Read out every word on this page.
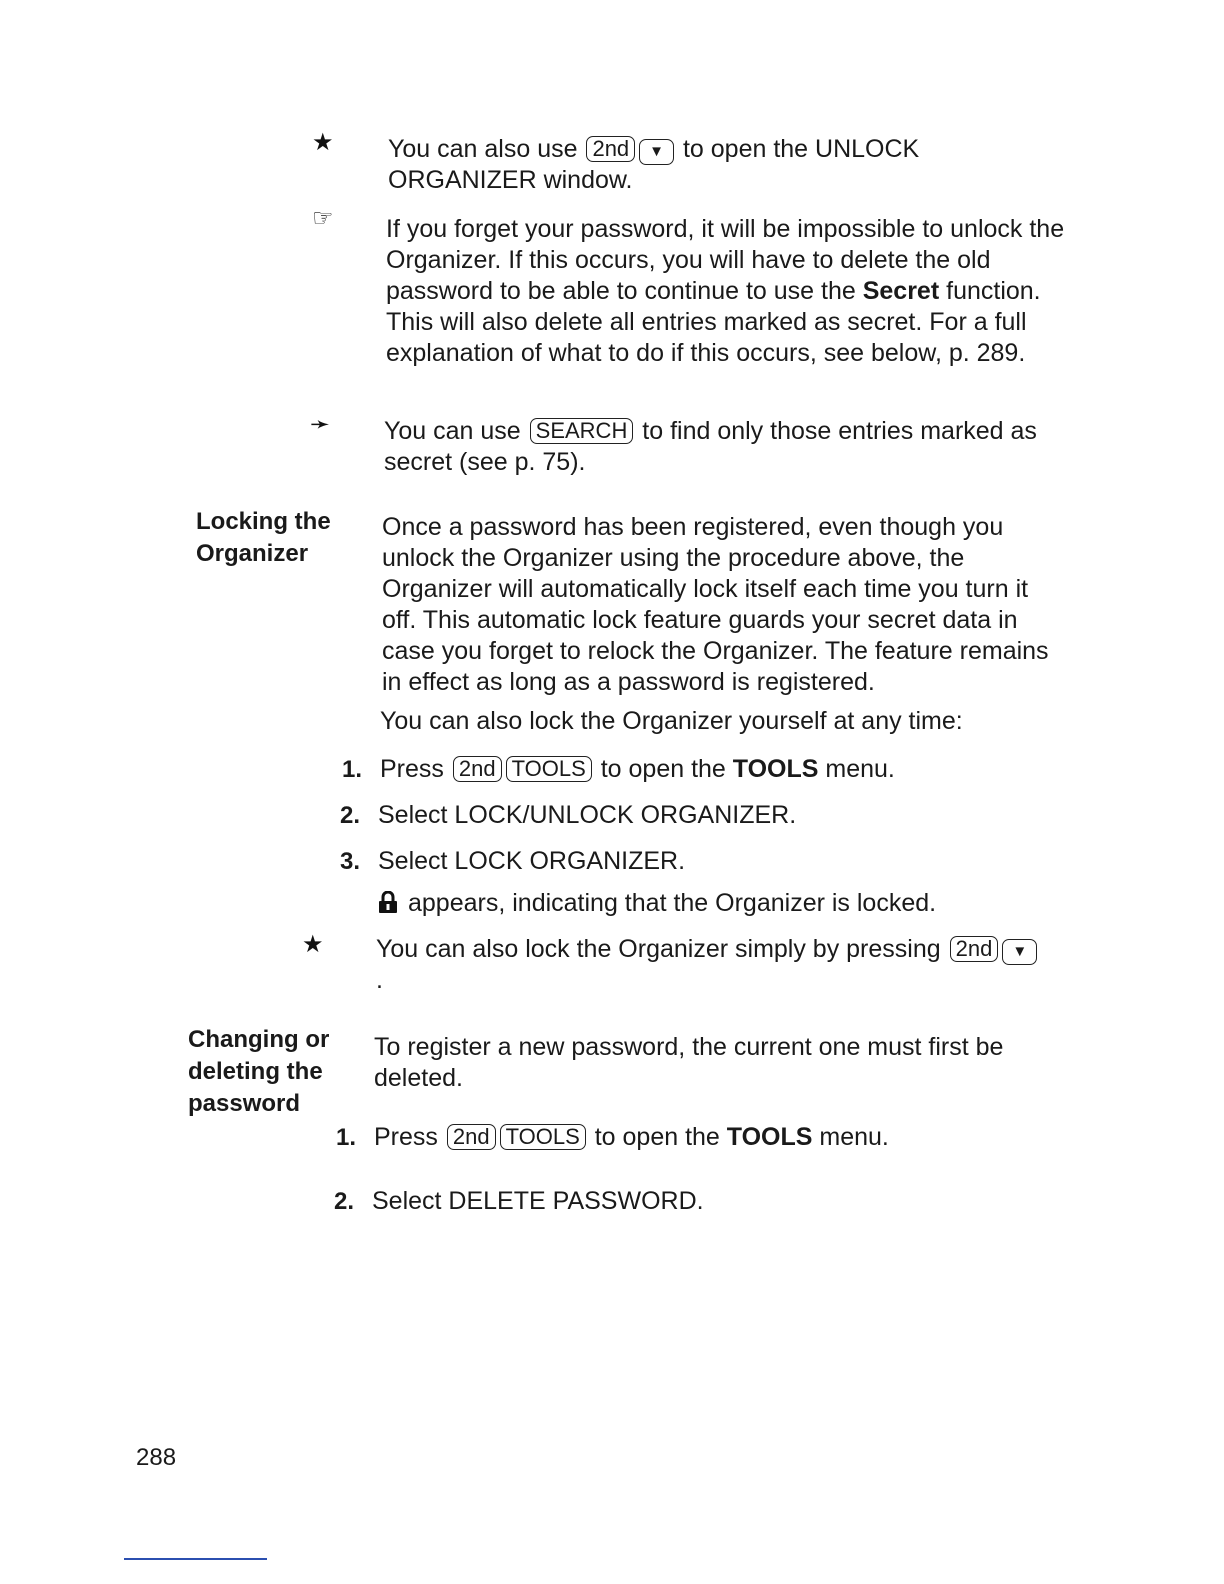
★ You can also use 2nd ▼ to open the UNLOCK ORGANIZER window.
☞ If you forget your password, it will be impossible to unlock the Organizer. If this occurs, you will have to delete the old password to be able to continue to use the Secret function. This will also delete all entries marked as secret. For a full explanation of what to do if this occurs, see below, p. 289.
➛ You can use SEARCH to find only those entries marked as secret (see p. 75).
Locking the
Organizer
Once a password has been registered, even though you unlock the Organizer using the procedure above, the Organizer will automatically lock itself each time you turn it off. This automatic lock feature guards your secret data in case you forget to relock the Organizer. The feature remains in effect as long as a password is registered.
You can also lock the Organizer yourself at any time:
1. Press 2nd TOOLS to open the TOOLS menu.
2. Select LOCK/UNLOCK ORGANIZER.
3. Select LOCK ORGANIZER.
appears, indicating that the Organizer is locked.
★ You can also lock the Organizer simply by pressing 2nd ▼.
Changing or
deleting the
password
To register a new password, the current one must first be deleted.
1. Press 2nd TOOLS to open the TOOLS menu.
2. Select DELETE PASSWORD.
288
